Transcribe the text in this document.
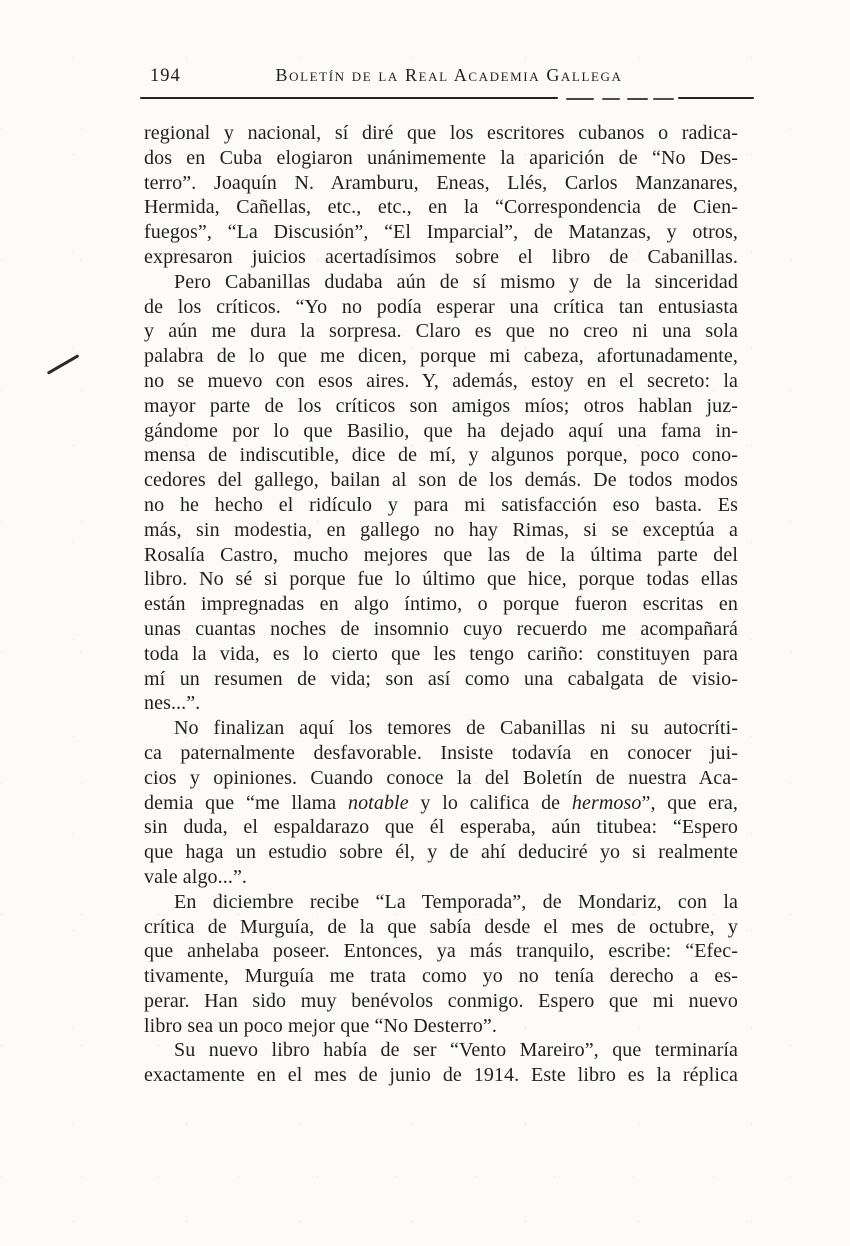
194	Boletín de la Real Academia Gallega
regional y nacional, sí diré que los escritores cubanos o radica-
dos en Cuba elogiaron unánimemente la aparición de “No Des-
terro”. Joaquín N. Aramburu, Eneas, Llés, Carlos Manzanares,
Hermida, Cañellas, etc., etc., en la “Correspondencia de Cien-
fuegos”, “La Discusión”, “El Imparcial”, de Matanzas, y otros,
expresaron juicios acertadísimos sobre el libro de Cabanillas.
Pero Cabanillas dudaba aún de sí mismo y de la sinceridad
de los críticos. “Yo no podía esperar una crítica tan entusiasta
y aún me dura la sorpresa. Claro es que no creo ni una sola
palabra de lo que me dicen, porque mi cabeza, afortunadamente,
no se muevo con esos aires. Y, además, estoy en el secreto: la
mayor parte de los críticos son amigos míos; otros hablan juz-
gándome por lo que Basilio, que ha dejado aquí una fama in-
mensa de indiscutible, dice de mí, y algunos porque, poco cono-
cedores del gallego, bailan al son de los demás. De todos modos
no he hecho el ridículo y para mi satisfacción eso basta. Es
más, sin modestia, en gallego no hay Rimas, si se exceptúa a
Rosalía Castro, mucho mejores que las de la última parte del
libro. No sé si porque fue lo último que hice, porque todas ellas
están impregnadas en algo íntimo, o porque fueron escritas en
unas cuantas noches de insomnio cuyo recuerdo me acompañará
toda la vida, es lo cierto que les tengo cariño: constituyen para
mí un resumen de vida; son así como una cabalgata de visio-
nes...”.
No finalizan aquí los temores de Cabanillas ni su autocríti-
ca paternalmente desfavorable. Insiste todavía en conocer jui-
cios y opiniones. Cuando conoce la del Boletín de nuestra Aca-
demia que “me llama notable y lo califica de hermoso”, que era,
sin duda, el espaldarazo que él esperaba, aún titubea: “Espero
que haga un estudio sobre él, y de ahí deduciré yo si realmente
vale algo...”.
En diciembre recibe “La Temporada”, de Mondariz, con la
crítica de Murguía, de la que sabía desde el mes de octubre, y
que anhelaba poseer. Entonces, ya más tranquilo, escribe: “Efec-
tivamente, Murguía me trata como yo no tenía derecho a es-
perar. Han sido muy benévolos conmigo. Espero que mi nuevo
libro sea un poco mejor que “No Desterro”.
Su nuevo libro había de ser “Vento Mareiro”, que terminaría
exactamente en el mes de junio de 1914. Este libro es la réplica
